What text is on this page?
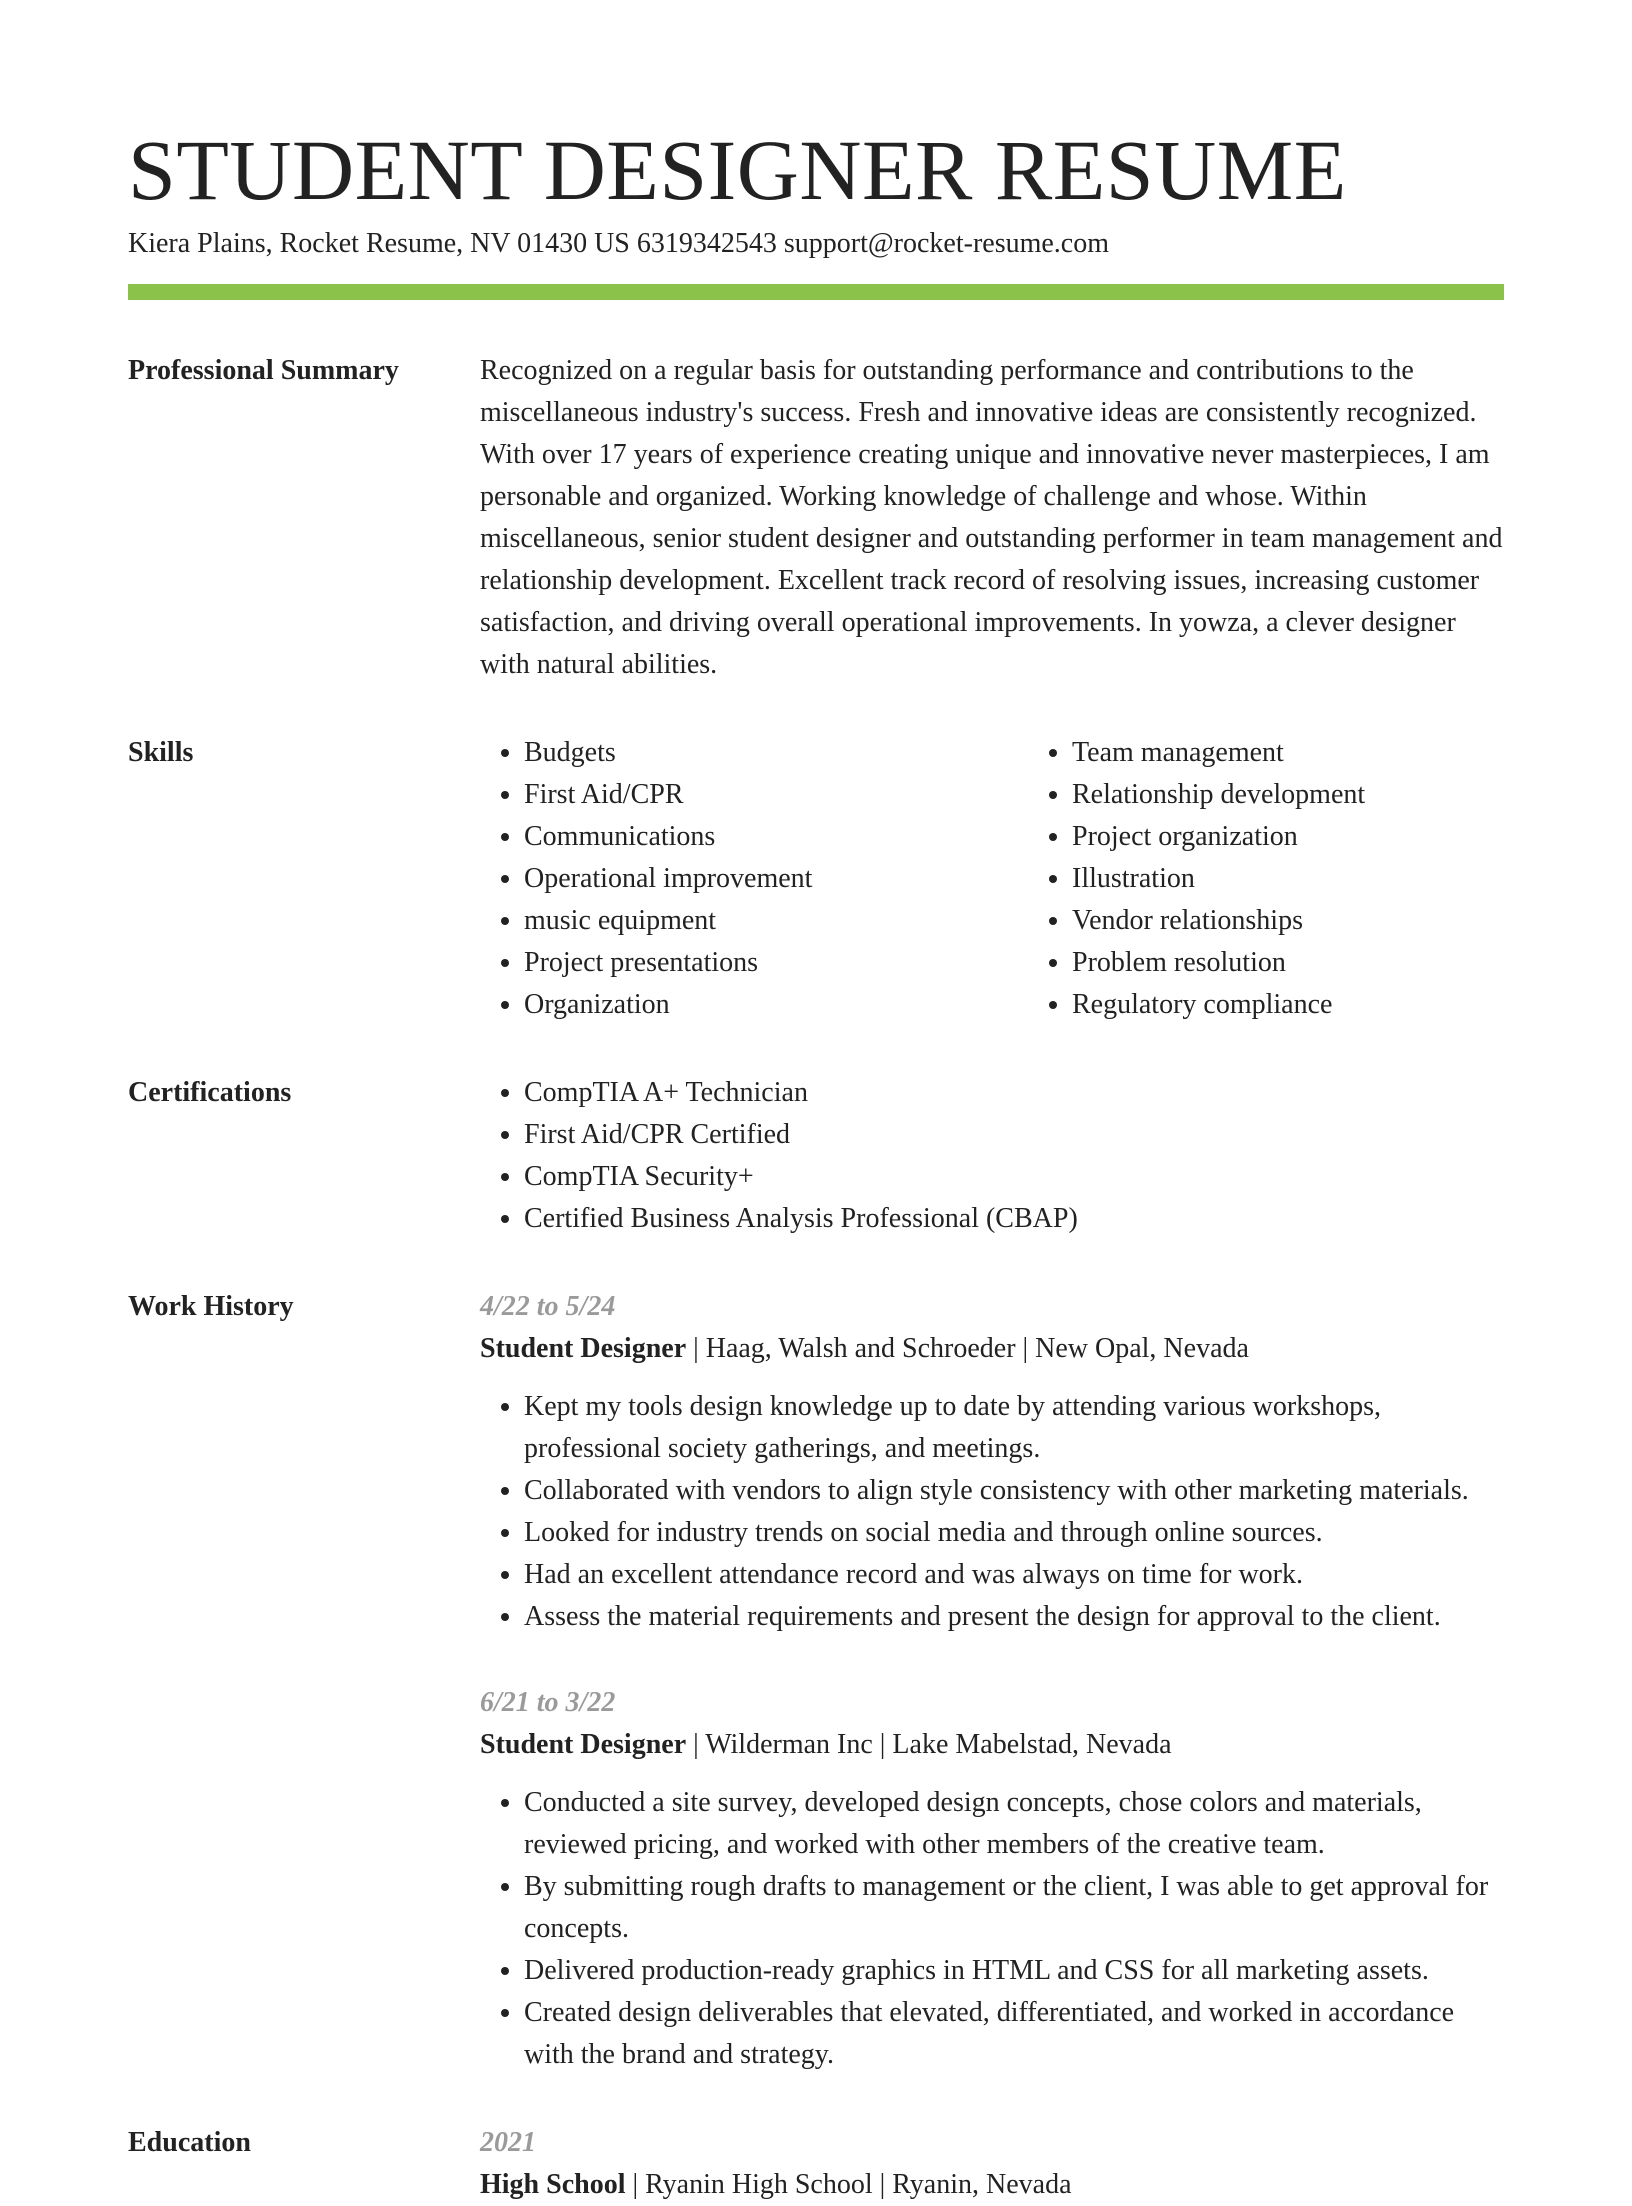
STUDENT DESIGNER RESUME
Kiera Plains, Rocket Resume, NV 01430 US 6319342543 support@rocket-resume.com
Professional Summary	Recognized on a regular basis for outstanding performance and contributions to the miscellaneous industry's success. Fresh and innovative ideas are consistently recognized. With over 17 years of experience creating unique and innovative never masterpieces, I am personable and organized. Working knowledge of challenge and whose. Within miscellaneous, senior student designer and outstanding performer in team management and relationship development. Excellent track record of resolving issues, increasing customer satisfaction, and driving overall operational improvements. In yowza, a clever designer with natural abilities.

Skills	• Budgets
• First Aid/CPR
• Communications
• Operational improvement
• music equipment
• Project presentations
• Organization
• Team management
• Relationship development
• Project organization
• Illustration
• Vendor relationships
• Problem resolution
• Regulatory compliance
Certifications	• CompTIA A+ Technician
• First Aid/CPR Certified
• CompTIA Security+
• Certified Business Analysis Professional (CBAP)
Work History	4/22 to 5/24
Student Designer | Haag, Walsh and Schroeder | New Opal, Nevada
• Kept my tools design knowledge up to date by attending various workshops, professional society gatherings, and meetings.
• Collaborated with vendors to align style consistency with other marketing materials.
• Looked for industry trends on social media and through online sources.
• Had an excellent attendance record and was always on time for work.
• Assess the material requirements and present the design for approval to the client.
6/21 to 3/22
Student Designer | Wilderman Inc | Lake Mabelstad, Nevada
• Conducted a site survey, developed design concepts, chose colors and materials, reviewed pricing, and worked with other members of the creative team.
• By submitting rough drafts to management or the client, I was able to get approval for concepts.
• Delivered production-ready graphics in HTML and CSS for all marketing assets.
• Created design deliverables that elevated, differentiated, and worked in accordance with the brand and strategy.
Education	2021
High School | Ryanin High School | Ryanin, Nevada
